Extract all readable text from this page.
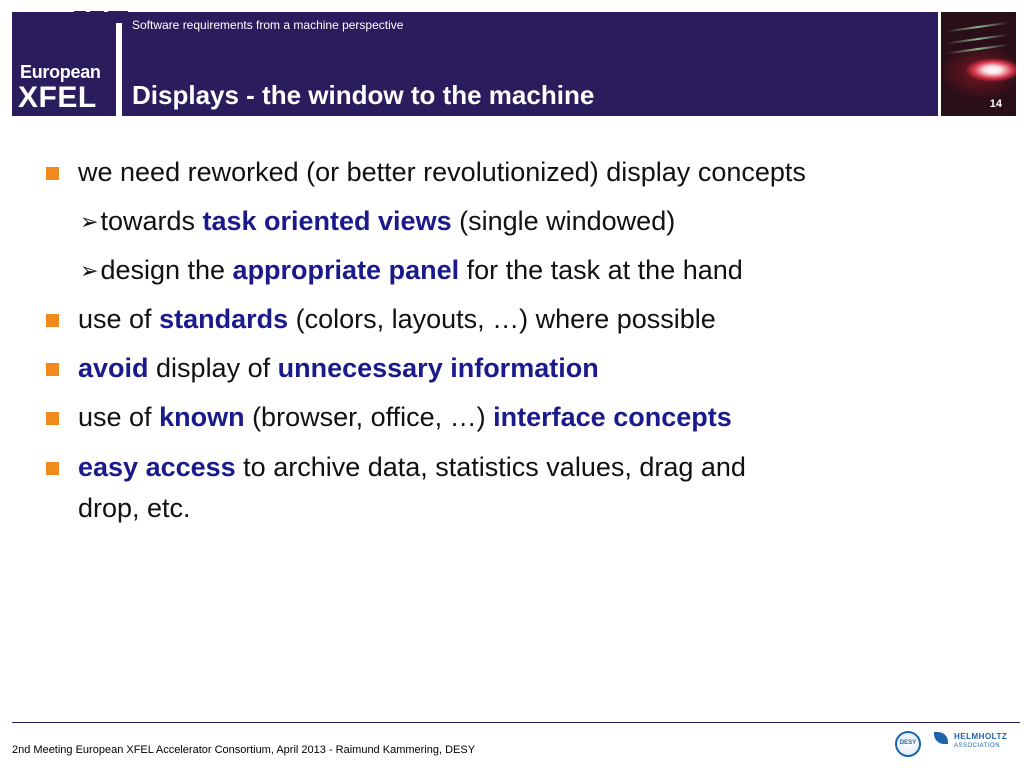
European
XFEL
Software requirements from a machine perspective
Displays - the window to the machine	14
we need reworked (or better revolutionized) display concepts
➢towards task oriented views (single windowed)
➢design the appropriate panel for the task at the hand
use of standards (colors, layouts, …) where possible
avoid display of unnecessary information
use of known (browser, office, …) interface concepts
easy access to archive data, statistics values, drag and
drop, etc.
2nd Meeting European XFEL Accelerator Consortium, April 2013 - Raimund Kammering, DESY
DESY
HELMHOLTZ
ASSOCIATION
